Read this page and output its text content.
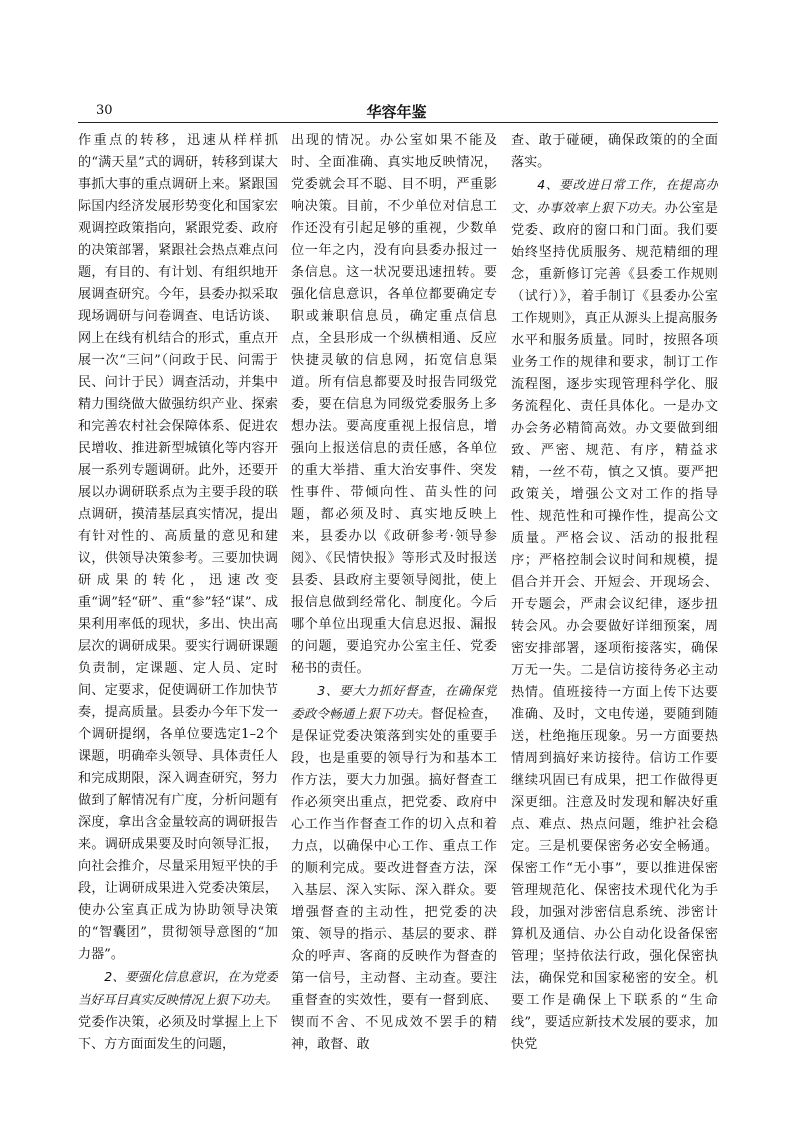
30	华容年鉴

作重点的转移，迅速从样样抓的“满天星”式的调研，转移到谋大事抓大事的重点调研上来。紧跟国际国内经济发展形势变化和国家宏观调控政策指向，紧跟党委、政府的决策部署，紧跟社会热点难点问题，有目的、有计划、有组织地开展调查研究。今年，县委办拟采取现场调研与问卷调查、电话访谈、网上在线有机结合的形式，重点开展一次“三问”（问政于民、问需于民、问计于民）调查活动，并集中精力围绕做大做强纺织产业、探索和完善农村社会保障体系、促进农民增收、推进新型城镇化等内容开展一系列专题调研。此外，还要开展以办调研联系点为主要手段的联点调研，摸清基层真实情况，提出有针对性的、高质量的意见和建议，供领导决策参考。三要加快调研成果的转化，迅速改变重“调”轻“研”、重“参”轻“谋”、成果利用率低的现状，多出、快出高层次的调研成果。要实行调研课题负责制，定课题、定人员、定时间、定要求，促使调研工作加快节奏，提高质量。县委办今年下发一个调研提纲，各单位要选定1–2个课题，明确牵头领导、具体责任人和完成期限，深入调查研究，努力做到了解情况有广度，分析问题有深度，拿出含金量较高的调研报告来。调研成果要及时向领导汇报，向社会推介，尽量采用短平快的手段，让调研成果进入党委决策层，使办公室真正成为协助领导决策的“智囊团”，贯彻领导意图的“加力器”。

2、要强化信息意识，在为党委当好耳目真实反映情况上狠下功夫。党委作决策，必须及时掌握上上下下、方方面面发生的问题，

出现的情况。办公室如果不能及时、全面准确、真实地反映情况，党委就会耳不聪、目不明，严重影响决策。目前，不少单位对信息工作还没有引起足够的重视，少数单位一年之内，没有向县委办报过一条信息。这一状况要迅速扭转。要强化信息意识，各单位都要确定专职或兼职信息员，确定重点信息点，全县形成一个纵横相通、反应快捷灵敏的信息网，拓宽信息渠道。所有信息都要及时报告同级党委，要在信息为同级党委服务上多想办法。要高度重视上报信息，增强向上报送信息的责任感，各单位的重大举措、重大治安事件、突发性事件、带倾向性、苗头性的问题，都必须及时、真实地反映上来，县委办以《政研参考·领导参阅》、《民情快报》等形式及时报送县委、县政府主要领导阅批，使上报信息做到经常化、制度化。今后哪个单位出现重大信息迟报、漏报的问题，要追究办公室主任、党委秘书的责任。

3、要大力抓好督查，在确保党委政令畅通上狠下功夫。督促检查，是保证党委决策落到实处的重要手段，也是重要的领导行为和基本工作方法，要大力加强。搞好督查工作必须突出重点，把党委、政府中心工作当作督查工作的切入点和着力点，以确保中心工作、重点工作的顺利完成。要改进督查方法，深入基层、深入实际、深入群众。要增强督查的主动性，把党委的决策、领导的指示、基层的要求、群众的呼声、客商的反映作为督查的第一信号，主动督、主动查。要注重督查的实效性，要有一督到底、锲而不舍、不见成效不罢手的精神，敢督、敢

查、敢于碰硬，确保政策的的全面落实。

4、要改进日常工作，在提高办文、办事效率上狠下功夫。办公室是党委、政府的窗口和门面。我们要始终坚持优质服务、规范精细的理念，重新修订完善《县委工作规则（试行）》，着手制订《县委办公室工作规则》，真正从源头上提高服务水平和服务质量。同时，按照各项业务工作的规律和要求，制订工作流程图，逐步实现管理科学化、服务流程化、责任具体化。一是办文办会务必精简高效。办文要做到细致、严密、规范、有序，精益求精，一丝不苟，慎之又慎。要严把政策关，增强公文对工作的指导性、规范性和可操作性，提高公文质量。严格会议、活动的报批程序；严格控制会议时间和规模，提倡合并开会、开短会、开现场会、开专题会，严肃会议纪律，逐步扭转会风。办会要做好详细预案，周密安排部署，逐项衔接落实，确保万无一失。二是信访接待务必主动热情。值班接待一方面上传下达要准确、及时，文电传递，要随到随送，杜绝拖压现象。另一方面要热情周到搞好来访接待。信访工作要继续巩固已有成果，把工作做得更深更细。注意及时发现和解决好重点、难点、热点问题，维护社会稳定。三是机要保密务必安全畅通。保密工作“无小事”，要以推进保密管理规范化、保密技术现代化为手段，加强对涉密信息系统、涉密计算机及通信、办公自动化设备保密管理；坚持依法行政，强化保密执法，确保党和国家秘密的安全。机要工作是确保上下联系的“生命线”，要适应新技术发展的要求，加快党
